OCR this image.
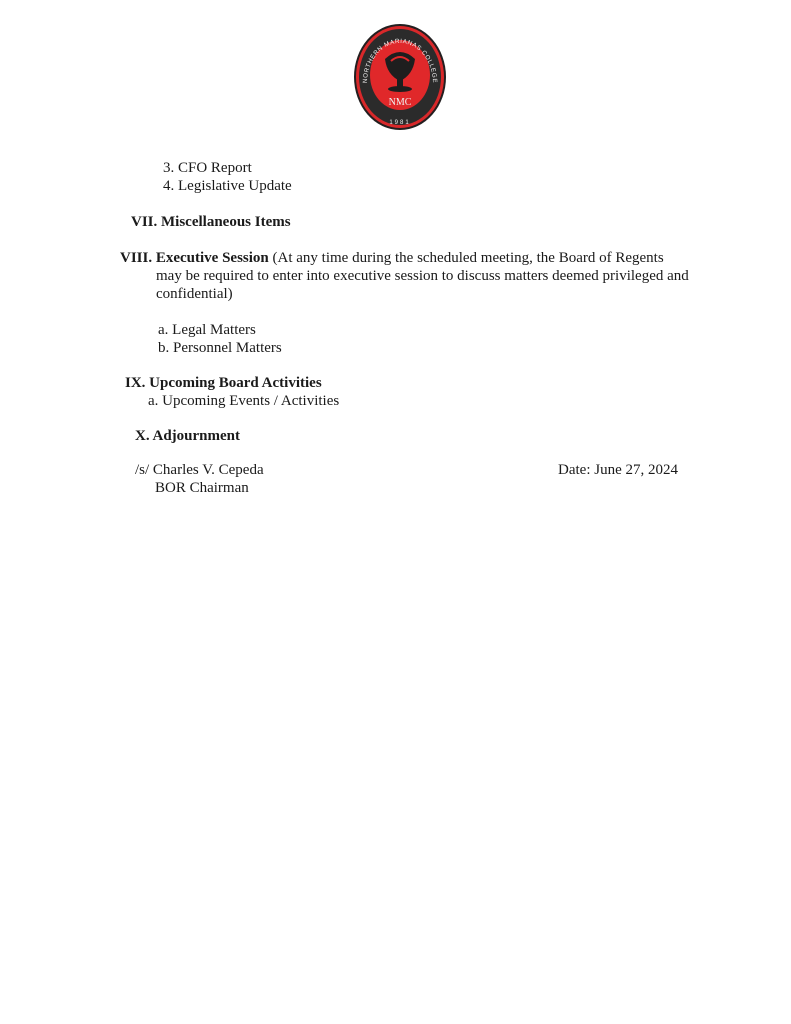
NMC
NORTHERN MARIANAS COLLEGE
1981
3. CFO Report
4. Legislative Update
VII. Miscellaneous Items
VIII. Executive Session (At any time during the scheduled meeting, the Board of Regents
may be required to enter into executive session to discuss matters deemed privileged and
confidential)
a. Legal Matters
b. Personnel Matters
IX. Upcoming Board Activities
a. Upcoming Events / Activities
X. Adjournment
/s/ Charles V. Cepeda
BOR Chairman
Date: June 27, 2024
